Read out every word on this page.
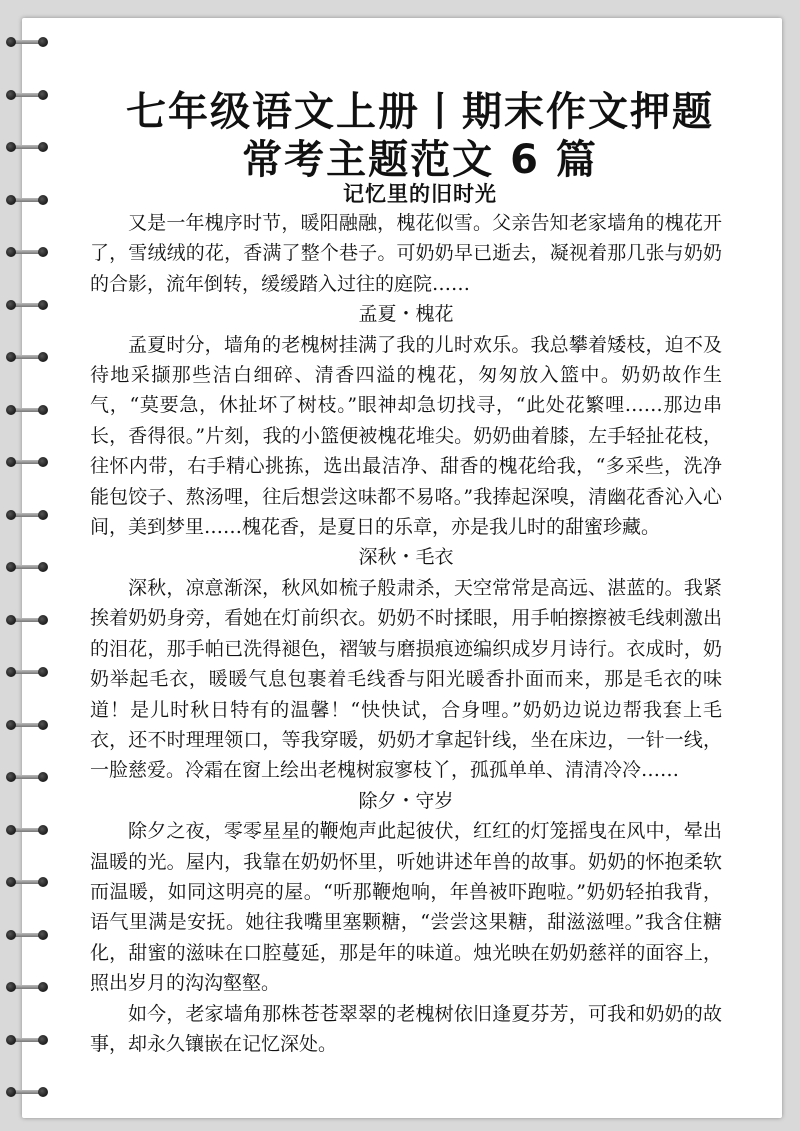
七年级语文上册丨期末作文押题
常考主题范文 6 篇
记忆里的旧时光

又是一年槐序时节，暖阳融融，槐花似雪。父亲告知老家墙角的槐花开了，雪绒绒的花，香满了整个巷子。可奶奶早已逝去，凝视着那几张与奶奶的合影，流年倒转，缓缓踏入过往的庭院……

孟夏・槐花

孟夏时分，墙角的老槐树挂满了我的儿时欢乐。我总攀着矮枝，迫不及待地采撷那些洁白细碎、清香四溢的槐花，匆匆放入篮中。奶奶故作生气，“莫要急，休扯坏了树枝。”眼神却急切找寻，“此处花繁哩……那边串长，香得很。”片刻，我的小篮便被槐花堆尖。奶奶曲着膝，左手轻扯花枝，往怀内带，右手精心挑拣，选出最洁净、甜香的槐花给我，“多采些，洗净能包饺子、熬汤哩，往后想尝这味都不易咯。”我捧起深嗅，清幽花香沁入心间，美到梦里……槐花香，是夏日的乐章，亦是我儿时的甜蜜珍藏。

深秋・毛衣

深秋，凉意渐深，秋风如梳子般肃杀，天空常常是高远、湛蓝的。我紧挨着奶奶身旁，看她在灯前织衣。奶奶不时揉眼，用手帕擦擦被毛线刺激出的泪花，那手帕已洗得褪色，褶皱与磨损痕迹编织成岁月诗行。衣成时，奶奶举起毛衣，暖暖气息包裹着毛线香与阳光暖香扑面而来，那是毛衣的味道！是儿时秋日特有的温馨！“快快试，合身哩。”奶奶边说边帮我套上毛衣，还不时理理领口，等我穿暖，奶奶才拿起针线，坐在床边，一针一线，一脸慈爱。冷霜在窗上绘出老槐树寂寥枝丫，孤孤单单、清清冷冷……

除夕・守岁

除夕之夜，零零星星的鞭炮声此起彼伏，红红的灯笼摇曳在风中，晕出温暖的光。屋内，我靠在奶奶怀里，听她讲述年兽的故事。奶奶的怀抱柔软而温暖，如同这明亮的屋。“听那鞭炮响，年兽被吓跑啦。”奶奶轻拍我背，语气里满是安抚。她往我嘴里塞颗糖，“尝尝这果糖，甜滋滋哩。”我含住糖化，甜蜜的滋味在口腔蔓延，那是年的味道。烛光映在奶奶慈祥的面容上，照出岁月的沟沟壑壑。

如今，老家墙角那株苍苍翠翠的老槐树依旧逢夏芬芳，可我和奶奶的故事，却永久镶嵌在记忆深处。
